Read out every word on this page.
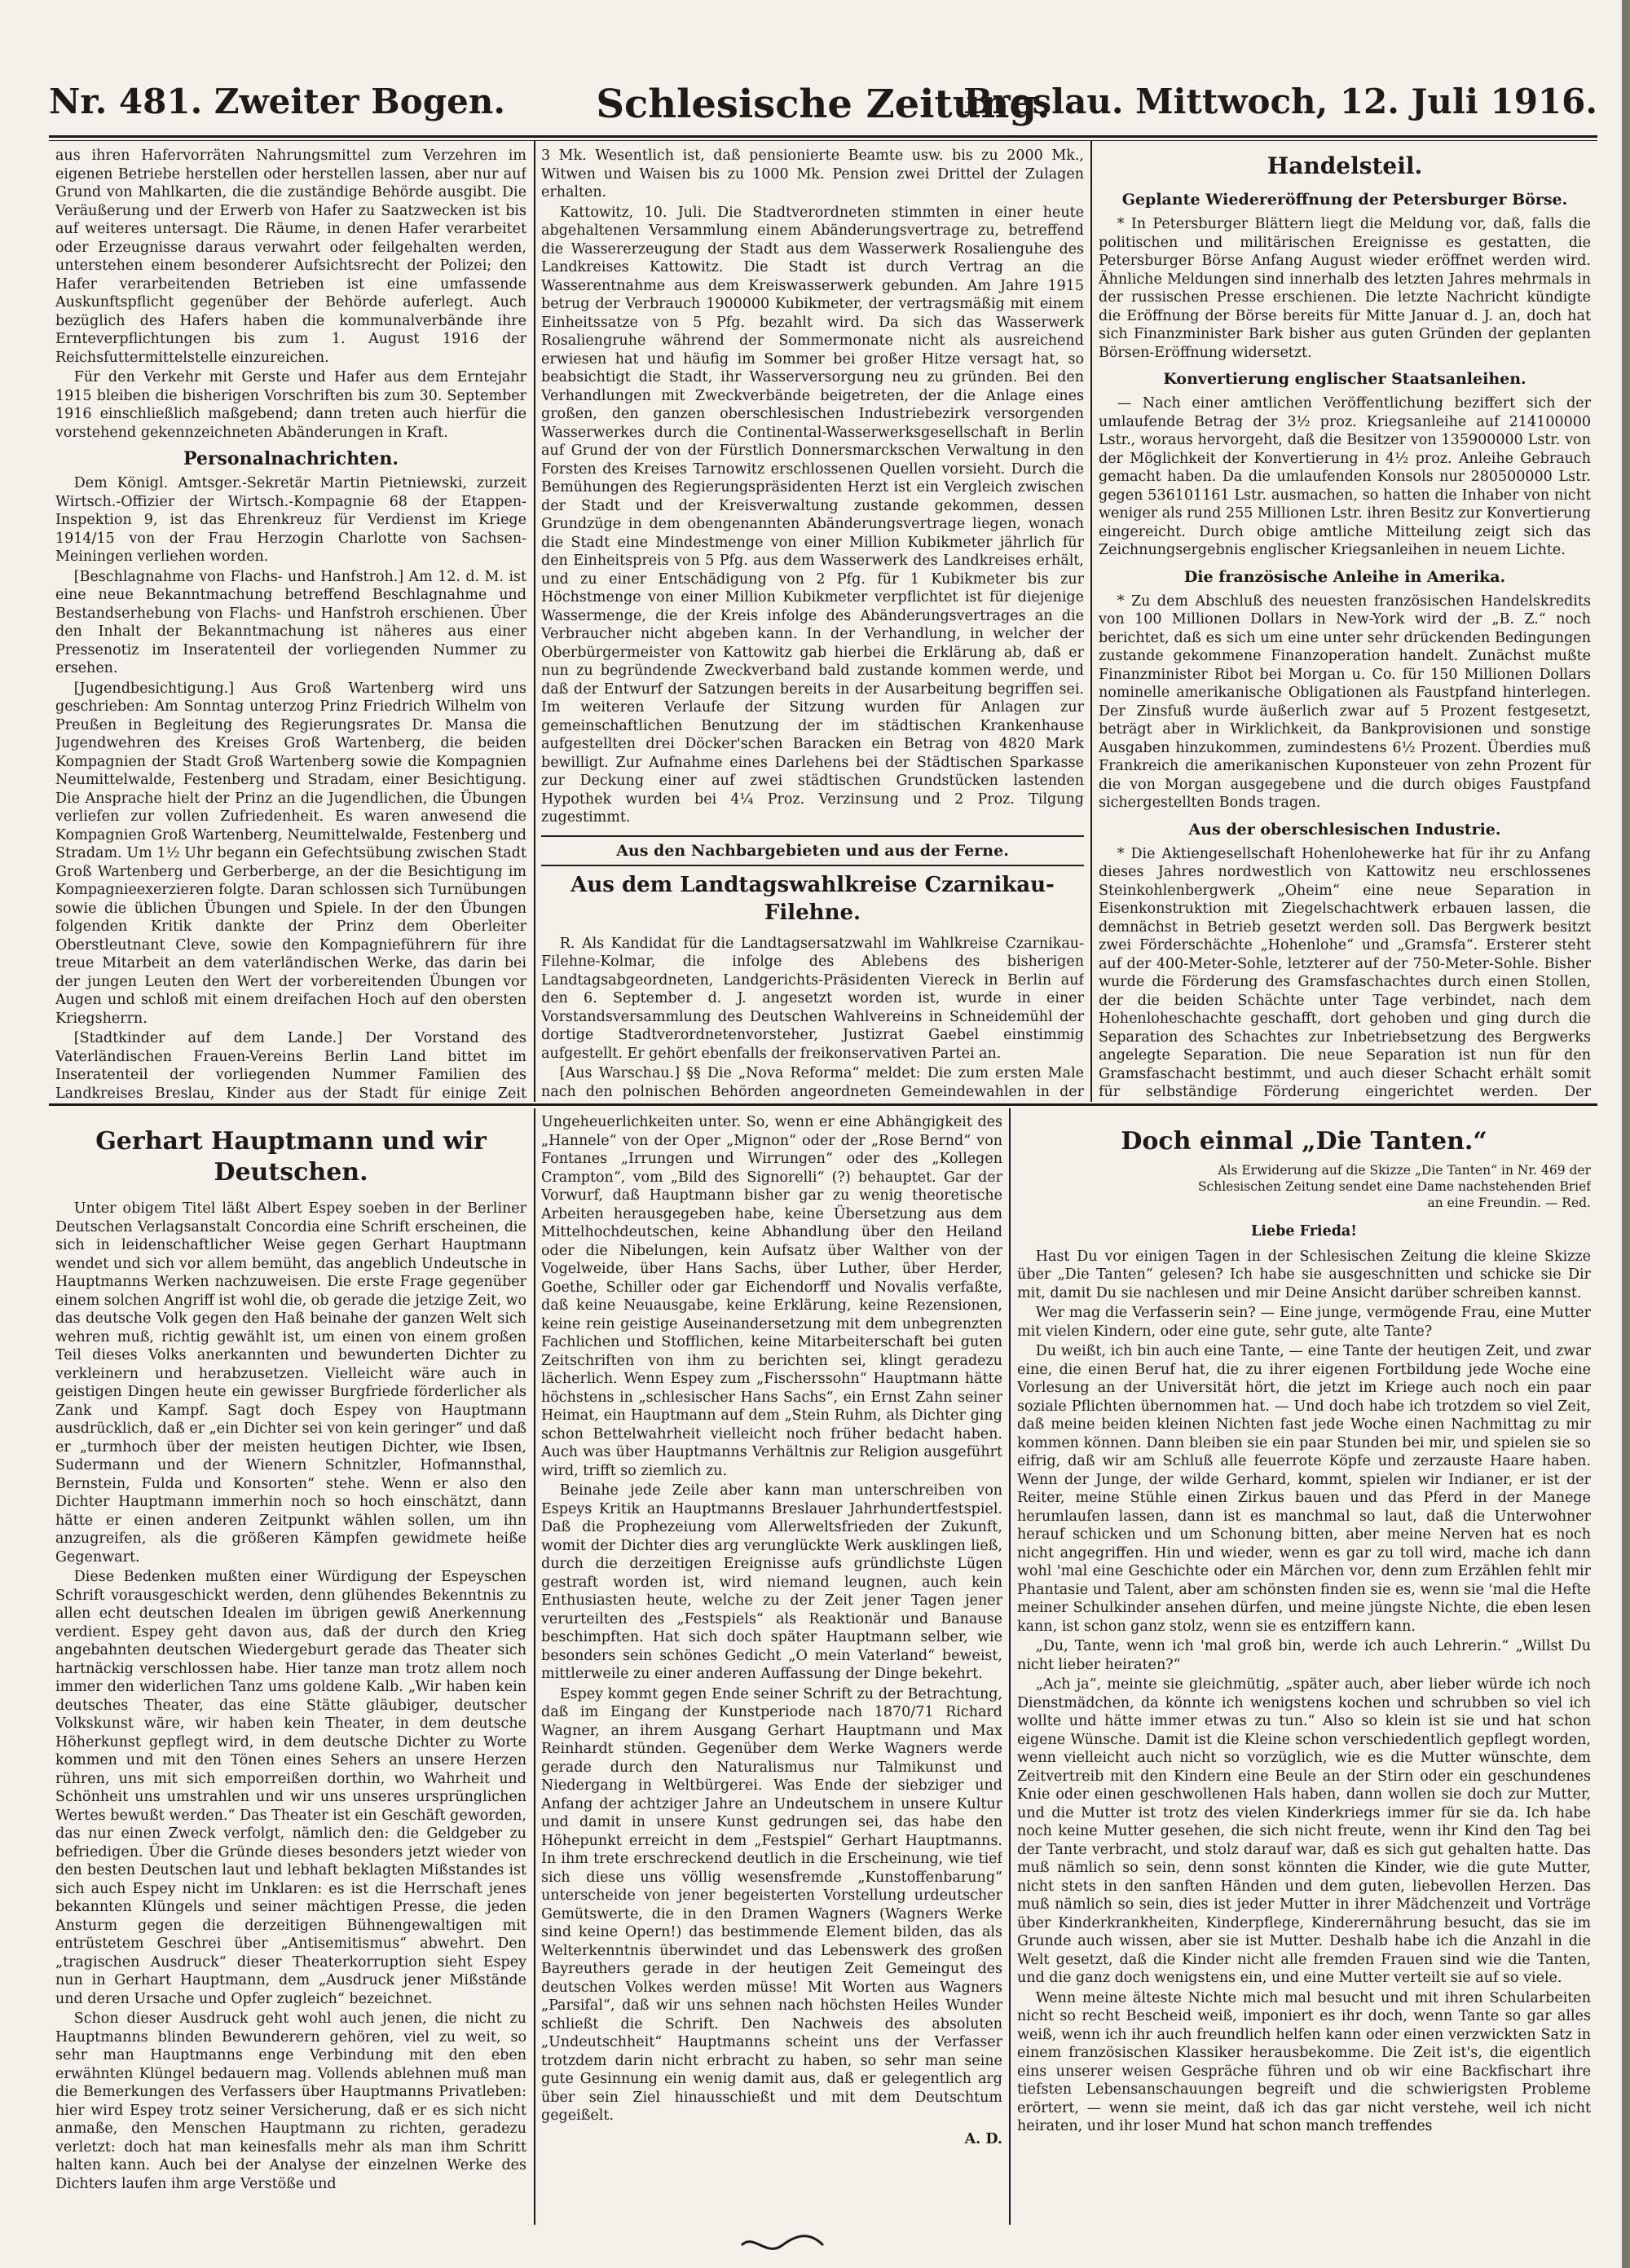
Nr. 481. Zweiter Bogen.	Schlesische Zeitung.
Breslau. Mittwoch, 12. Juli 1916.

aus ihren Hafervorräten Nahrungsmittel zum Verzehren im eigenen Betriebe herstellen oder herstellen lassen, aber nur auf Grund von Mahlkarten, die die zuständige Behörde ausgibt. Die Veräußerung und der Erwerb von Hafer zu Saatzwecken ist bis auf weiteres untersagt. Die Räume, in denen Hafer verarbeitet oder Erzeugnisse daraus verwahrt oder feilgehalten werden, unterstehen einem besonderer Aufsichtsrecht der Polizei; den Hafer verarbeitenden Betrieben ist eine umfassende Auskunftspflicht gegenüber der Behörde auferlegt. Auch bezüglich des Hafers haben die kommunalverbände ihre Ernteverpflichtungen bis zum 1. August 1916 der Reichsfuttermittelstelle einzureichen.

Für den Verkehr mit Gerste und Hafer aus dem Erntejahr 1915 bleiben die bisherigen Vorschriften bis zum 30. September 1916 einschließlich maßgebend; dann treten auch hierfür die vorstehend gekennzeichneten Abänderungen in Kraft.

Personalnachrichten.

Dem Königl. Amtsger.-Sekretär Martin Pietniewski, zurzeit Wirtsch.-Offizier der Wirtsch.-Kompagnie 68 der Etappen-Inspektion 9, ist das Ehrenkreuz für Verdienst im Kriege 1914/15 von der Frau Herzogin Charlotte von Sachsen-Meiningen verliehen worden.

[Beschlagnahme von Flachs- und Hanfstroh.] Am 12. d. M. ist eine neue Bekanntmachung betreffend Beschlagnahme und Bestandserhebung von Flachs- und Hanfstroh erschienen. Über den Inhalt der Bekanntmachung ist näheres aus einer Pressenotiz im Inseratenteil der vorliegenden Nummer zu ersehen.

[Jugendbesichtigung.] Aus Groß Wartenberg wird uns geschrieben: Am Sonntag unterzog Prinz Friedrich Wilhelm von Preußen in Begleitung des Regierungsrates Dr. Mansa die Jugendwehren des Kreises Groß Wartenberg, die beiden Kompagnien der Stadt Groß Wartenberg sowie die Kompagnien Neumittelwalde, Festenberg und Stradam, einer Besichtigung. Die Ansprache hielt der Prinz an die Jugendlichen, die Übungen verliefen zur vollen Zufriedenheit. Es waren anwesend die Kompagnien Groß Wartenberg, Neumittelwalde, Festenberg und Stradam. Um 1½ Uhr begann ein Gefechtsübung zwischen Stadt Groß Wartenberg und Gerberberge, an der die Besichtigung im Kompagnieexerzieren folgte. Daran schlossen sich Turnübungen sowie die üblichen Übungen und Spiele. In der den Übungen folgenden Kritik dankte der Prinz dem Oberleiter Oberstleutnant Cleve, sowie den Kompagnieführern für ihre treue Mitarbeit an dem vaterländischen Werke, das darin bei der jungen Leuten den Wert der vorbereitenden Übungen vor Augen und schloß mit einem dreifachen Hoch auf den obersten Kriegsherrn.

[Stadtkinder auf dem Lande.] Der Vorstand des Vaterländischen Frauen-Vereins Berlin Land bittet im Inseratenteil der vorliegenden Nummer Familien des Landkreises Breslau, Kinder aus der Stadt für einige Zeit

3 Mk. Wesentlich ist, daß pensionierte Beamte usw. bis zu 2000 Mk., Witwen und Waisen bis zu 1000 Mk. Pension zwei Drittel der Zulagen erhalten.

Kattowitz, 10. Juli. Die Stadtverordneten stimmten in einer heute abgehaltenen Versammlung einem Abänderungsvertrage zu, betreffend die Wassererzeugung der Stadt aus dem Wasserwerk Rosalienguhe des Landkreises Kattowitz. Die Stadt ist durch Vertrag an die Wasserentnahme aus dem Kreiswasserwerk gebunden. Am Jahre 1915 betrug der Verbrauch 1900000 Kubikmeter, der vertragsmäßig mit einem Einheitssatze von 5 Pfg. bezahlt wird. Da sich das Wasserwerk Rosaliengruhe während der Sommermonate nicht als ausreichend erwiesen hat und häufig im Sommer bei großer Hitze versagt hat, so beabsichtigt die Stadt, ihr Wasserversorgung neu zu gründen. Bei den Verhandlungen mit Zweckverbände beigetreten, der die Anlage eines großen, den ganzen oberschlesischen Industriebezirk versorgenden Wasserwerkes durch die Continental-Wasserwerksgesellschaft in Berlin auf Grund der von der Fürstlich Donnersmarckschen Verwaltung in den Forsten des Kreises Tarnowitz erschlossenen Quellen vorsieht. Durch die Bemühungen des Regierungspräsidenten Herzt ist ein Vergleich zwischen der Stadt und der Kreisverwaltung zustande gekommen, dessen Grundzüge in dem obengenannten Abänderungsvertrage liegen, wonach die Stadt eine Mindestmenge von einer Million Kubikmeter jährlich für den Einheitspreis von 5 Pfg. aus dem Wasserwerk des Landkreises erhält, und zu einer Entschädigung von 2 Pfg. für 1 Kubikmeter bis zur Höchstmenge von einer Million Kubikmeter verpflichtet ist für diejenige Wassermenge, die der Kreis infolge des Abänderungsvertrages an die Verbraucher nicht abgeben kann. In der Verhandlung, in welcher der Oberbürgermeister von Kattowitz gab hierbei die Erklärung ab, daß er nun zu begründende Zweckverband bald zustande kommen werde, und daß der Entwurf der Satzungen bereits in der Ausarbeitung begriffen sei. Im weiteren Verlaufe der Sitzung wurden für Anlagen zur gemeinschaftlichen Benutzung der im städtischen Krankenhause aufgestellten drei Döcker'schen Baracken ein Betrag von 4820 Mark bewilligt. Zur Aufnahme eines Darlehens bei der Städtischen Sparkasse zur Deckung einer auf zwei städtischen Grundstücken lastenden Hypothek wurden bei 4¼ Proz. Verzinsung und 2 Proz. Tilgung zugestimmt.

Aus den Nachbargebieten und aus der Ferne.
Aus dem Landtagswahlkreise Czarnikau-Filehne.

R. Als Kandidat für die Landtagsersatzwahl im Wahlkreise Czarnikau-Filehne-Kolmar, die infolge des Ablebens des bisherigen Landtagsabgeordneten, Landgerichts-Präsidenten Viereck in Berlin auf den 6. September d. J. angesetzt worden ist, wurde in einer Vorstandsversammlung des Deutschen Wahlvereins in Schneidemühl der dortige Stadtverordnetenvorsteher, Justizrat Gaebel einstimmig aufgestellt. Er gehört ebenfalls der freikonservativen Partei an.

[Aus Warschau.] §§ Die „Nova Reforma“ meldet: Die zum ersten Male nach den polnischen Behörden angeordneten Gemeindewahlen in der

Handelsteil.
Geplante Wiedereröffnung der Petersburger Börse.

* In Petersburger Blättern liegt die Meldung vor, daß, falls die politischen und militärischen Ereignisse es gestatten, die Petersburger Börse Anfang August wieder eröffnet werden wird. Ähnliche Meldungen sind innerhalb des letzten Jahres mehrmals in der russischen Presse erschienen. Die letzte Nachricht kündigte die Eröffnung der Börse bereits für Mitte Januar d. J. an, doch hat sich Finanzminister Bark bisher aus guten Gründen der geplanten Börsen-Eröffnung widersetzt.

Konvertierung englischer Staatsanleihen.

— Nach einer amtlichen Veröffentlichung beziffert sich der umlaufende Betrag der 3½ proz. Kriegsanleihe auf 214100000 Lstr., woraus hervorgeht, daß die Besitzer von 135900000 Lstr. von der Möglichkeit der Konvertierung in 4½ proz. Anleihe Gebrauch gemacht haben. Da die umlaufenden Konsols nur 280500000 Lstr. gegen 536101161 Lstr. ausmachen, so hatten die Inhaber von nicht weniger als rund 255 Millionen Lstr. ihren Besitz zur Konvertierung eingereicht. Durch obige amtliche Mitteilung zeigt sich das Zeichnungsergebnis englischer Kriegsanleihen in neuem Lichte.

Die französische Anleihe in Amerika.

* Zu dem Abschluß des neuesten französischen Handelskredits von 100 Millionen Dollars in New-York wird der „B. Z.“ noch berichtet, daß es sich um eine unter sehr drückenden Bedingungen zustande gekommene Finanzoperation handelt. Zunächst mußte Finanzminister Ribot bei Morgan u. Co. für 150 Millionen Dollars nominelle amerikanische Obligationen als Faustpfand hinterlegen. Der Zinsfuß wurde äußerlich zwar auf 5 Prozent festgesetzt, beträgt aber in Wirklichkeit, da Bankprovisionen und sonstige Ausgaben hinzukommen, zumindestens 6½ Prozent. Überdies muß Frankreich die amerikanischen Kuponsteuer von zehn Prozent für die von Morgan ausgegebene und die durch obiges Faustpfand sichergestellten Bonds tragen.

Aus der oberschlesischen Industrie.

* Die Aktiengesellschaft Hohenlohewerke hat für ihr zu Anfang dieses Jahres nordwestlich von Kattowitz neu erschlossenes Steinkohlenbergwerk „Oheim“ eine neue Separation in Eisenkonstruktion mit Ziegelschachtwerk erbauen lassen, die demnächst in Betrieb gesetzt werden soll. Das Bergwerk besitzt zwei Förderschächte „Hohenlohe“ und „Gramsfa“. Ersterer steht auf der 400-Meter-Sohle, letzterer auf der 750-Meter-Sohle. Bisher wurde die Förderung des Gramsfaschachtes durch einen Stollen, der die beiden Schächte unter Tage verbindet, nach dem Hohenloheschachte geschafft, dort gehoben und ging durch die Separation des Schachtes zur Inbetriebsetzung des Bergwerks angelegte Separation. Die neue Separation ist nun für den Gramsfaschacht bestimmt, und auch dieser Schacht erhält somit für selbständige Förderung eingerichtet werden. Der

Gerhart Hauptmann und wir Deutschen.

Unter obigem Titel läßt Albert Espey soeben in der Berliner Deutschen Verlagsanstalt Concordia eine Schrift erscheinen, die sich in leidenschaftlicher Weise gegen Gerhart Hauptmann wendet und sich vor allem bemüht, das angeblich Undeutsche in Hauptmanns Werken nachzuweisen. Die erste Frage gegenüber einem solchen Angriff ist wohl die, ob gerade die jetzige Zeit, wo das deutsche Volk gegen den Haß beinahe der ganzen Welt sich wehren muß, richtig gewählt ist, um einen von einem großen Teil dieses Volks anerkannten und bewunderten Dichter zu verkleinern und herabzusetzen. Vielleicht wäre auch in geistigen Dingen heute ein gewisser Burgfriede förderlicher als Zank und Kampf. Sagt doch Espey von Hauptmann ausdrücklich, daß er „ein Dichter sei von kein geringer“ und daß er „turmhoch über der meisten heutigen Dichter, wie Ibsen, Sudermann und der Wienern Schnitzler, Hofmannsthal, Bernstein, Fulda und Konsorten“ stehe. Wenn er also den Dichter Hauptmann immerhin noch so hoch einschätzt, dann hätte er einen anderen Zeitpunkt wählen sollen, um ihn anzugreifen, als die größeren Kämpfen gewidmete heiße Gegenwart.

Diese Bedenken mußten einer Würdigung der Espeyschen Schrift vorausgeschickt werden, denn glühendes Bekenntnis zu allen echt deutschen Idealen im übrigen gewiß Anerkennung verdient. Espey geht davon aus, daß der durch den Krieg angebahnten deutschen Wiedergeburt gerade das Theater sich hartnäckig verschlossen habe. Hier tanze man trotz allem noch immer den widerlichen Tanz ums goldene Kalb. „Wir haben kein deutsches Theater, das eine Stätte gläubiger, deutscher Volkskunst wäre, wir haben kein Theater, in dem deutsche Höherkunst gepflegt wird, in dem deutsche Dichter zu Worte kommen und mit den Tönen eines Sehers an unsere Herzen rühren, uns mit sich emporreißen dorthin, wo Wahrheit und Schönheit uns umstrahlen und wir uns unseres ursprünglichen Wertes bewußt werden.“ Das Theater ist ein Geschäft geworden, das nur einen Zweck verfolgt, nämlich den: die Geldgeber zu befriedigen. Über die Gründe dieses besonders jetzt wieder von den besten Deutschen laut und lebhaft beklagten Mißstandes ist sich auch Espey nicht im Unklaren: es ist die Herrschaft jenes bekannten Klüngels und seiner mächtigen Presse, die jeden Ansturm gegen die derzeitigen Bühnengewaltigen mit entrüstetem Geschrei über „Antisemitismus“ abwehrt. Den „tragischen Ausdruck“ dieser Theaterkorruption sieht Espey nun in Gerhart Hauptmann, dem „Ausdruck jener Mißstände und deren Ursache und Opfer zugleich“ bezeichnet.

Schon dieser Ausdruck geht wohl auch jenen, die nicht zu Hauptmanns blinden Bewunderern gehören, viel zu weit, so sehr man Hauptmanns enge Verbindung mit den eben erwähnten Klüngel bedauern mag. Vollends ablehnen muß man die Bemerkungen des Verfassers über Hauptmanns Privatleben: hier wird Espey trotz seiner Versicherung, daß er es sich nicht anmaße, den Menschen Hauptmann zu richten, geradezu verletzt: doch hat man keinesfalls mehr als man ihm Schritt halten kann. Auch bei der Analyse der einzelnen Werke des Dichters laufen ihm arge Verstöße und

Ungeheuerlichkeiten unter. So, wenn er eine Abhängigkeit des „Hannele“ von der Oper „Mignon“ oder der „Rose Bernd“ von Fontanes „Irrungen und Wirrungen“ oder des „Kollegen Crampton“, vom „Bild des Signorelli“ (?) behauptet. Gar der Vorwurf, daß Hauptmann bisher gar zu wenig theoretische Arbeiten herausgegeben habe, keine Übersetzung aus dem Mittelhochdeutschen, keine Abhandlung über den Heiland oder die Nibelungen, kein Aufsatz über Walther von der Vogelweide, über Hans Sachs, über Luther, über Herder, Goethe, Schiller oder gar Eichendorff und Novalis verfaßte, daß keine Neuausgabe, keine Erklärung, keine Rezensionen, keine rein geistige Auseinandersetzung mit dem unbegrenzten Fachlichen und Stofflichen, keine Mitarbeiterschaft bei guten Zeitschriften von ihm zu berichten sei, klingt geradezu lächerlich. Wenn Espey zum „Fischerssohn“ Hauptmann hätte höchstens in „schlesischer Hans Sachs“, ein Ernst Zahn seiner Heimat, ein Hauptmann auf dem „Stein Ruhm, als Dichter ging schon Bettelwahrheit vielleicht noch früher bedacht haben. Auch was über Hauptmanns Verhältnis zur Religion ausgeführt wird, trifft so ziemlich zu.

Beinahe jede Zeile aber kann man unterschreiben von Espeys Kritik an Hauptmanns Breslauer Jahrhundertfestspiel. Daß die Prophezeiung vom Allerweltsfrieden der Zukunft, womit der Dichter dies arg verunglückte Werk ausklingen ließ, durch die derzeitigen Ereignisse aufs gründlichste Lügen gestraft worden ist, wird niemand leugnen, auch kein Enthusiasten heute, welche zu der Zeit jener Tagen jener verurteilten des „Festspiels“ als Reaktionär und Banause beschimpften. Hat sich doch später Hauptmann selber, wie besonders sein schönes Gedicht „O mein Vaterland“ beweist, mittlerweile zu einer anderen Auffassung der Dinge bekehrt.

Espey kommt gegen Ende seiner Schrift zu der Betrachtung, daß im Eingang der Kunstperiode nach 1870/71 Richard Wagner, an ihrem Ausgang Gerhart Hauptmann und Max Reinhardt stünden. Gegenüber dem Werke Wagners werde gerade durch den Naturalismus nur Talmikunst und Niedergang in Weltbürgerei. Was Ende der siebziger und Anfang der achtziger Jahre an Undeutschem in unsere Kultur und damit in unsere Kunst gedrungen sei, das habe den Höhepunkt erreicht in dem „Festspiel“ Gerhart Hauptmanns. In ihm trete erschreckend deutlich in die Erscheinung, wie tief sich diese uns völlig wesensfremde „Kunstoffenbarung“ unterscheide von jener begeisterten Vorstellung urdeutscher Gemütswerte, die in den Dramen Wagners (Wagners Werke sind keine Opern!) das bestimmende Element bilden, das als Welterkenntnis überwindet und das Lebenswerk des großen Bayreuthers gerade in der heutigen Zeit Gemeingut des deutschen Volkes werden müsse! Mit Worten aus Wagners „Parsifal“, daß wir uns sehnen nach höchsten Heiles Wunder schließt die Schrift. Den Nachweis des absoluten „Undeutschheit“ Hauptmanns scheint uns der Verfasser trotzdem darin nicht erbracht zu haben, so sehr man seine gute Gesinnung ein wenig damit aus, daß er gelegentlich arg über sein Ziel hinausschießt und mit dem Deutschtum gegeißelt.

A. D.
Doch einmal „Die Tanten.“
Als Erwiderung auf die Skizze „Die Tanten“ in Nr. 469 der Schlesischen Zeitung sendet eine Dame nachstehenden Brief an eine Freundin. — Red.
Liebe Frieda!

Hast Du vor einigen Tagen in der Schlesischen Zeitung die kleine Skizze über „Die Tanten“ gelesen? Ich habe sie ausgeschnitten und schicke sie Dir mit, damit Du sie nachlesen und mir Deine Ansicht darüber schreiben kannst.

Wer mag die Verfasserin sein? — Eine junge, vermögende Frau, eine Mutter mit vielen Kindern, oder eine gute, sehr gute, alte Tante?

Du weißt, ich bin auch eine Tante, — eine Tante der heutigen Zeit, und zwar eine, die einen Beruf hat, die zu ihrer eigenen Fortbildung jede Woche eine Vorlesung an der Universität hört, die jetzt im Kriege auch noch ein paar soziale Pflichten übernommen hat. — Und doch habe ich trotzdem so viel Zeit, daß meine beiden kleinen Nichten fast jede Woche einen Nachmittag zu mir kommen können. Dann bleiben sie ein paar Stunden bei mir, und spielen sie so eifrig, daß wir am Schluß alle feuerrote Köpfe und zerzauste Haare haben. Wenn der Junge, der wilde Gerhard, kommt, spielen wir Indianer, er ist der Reiter, meine Stühle einen Zirkus bauen und das Pferd in der Manege herumlaufen lassen, dann ist es manchmal so laut, daß die Unterwohner herauf schicken und um Schonung bitten, aber meine Nerven hat es noch nicht angegriffen. Hin und wieder, wenn es gar zu toll wird, mache ich dann wohl 'mal eine Geschichte oder ein Märchen vor, denn zum Erzählen fehlt mir Phantasie und Talent, aber am schönsten finden sie es, wenn sie 'mal die Hefte meiner Schulkinder ansehen dürfen, und meine jüngste Nichte, die eben lesen kann, ist schon ganz stolz, wenn sie es entziffern kann.

„Du, Tante, wenn ich 'mal groß bin, werde ich auch Lehrerin.“ „Willst Du nicht lieber heiraten?“

„Ach ja“, meinte sie gleichmütig, „später auch, aber lieber würde ich noch Dienstmädchen, da könnte ich wenigstens kochen und schrubben so viel ich wollte und hätte immer etwas zu tun.“ Also so klein ist sie und hat schon eigene Wünsche. Damit ist die Kleine schon verschiedentlich gepflegt worden, wenn vielleicht auch nicht so vorzüglich, wie es die Mutter wünschte, dem Zeitvertreib mit den Kindern eine Beule an der Stirn oder ein geschundenes Knie oder einen geschwollenen Hals haben, dann wollen sie doch zur Mutter, und die Mutter ist trotz des vielen Kinderkriegs immer für sie da. Ich habe noch keine Mutter gesehen, die sich nicht freute, wenn ihr Kind den Tag bei der Tante verbracht, und stolz darauf war, daß es sich gut gehalten hatte. Das muß nämlich so sein, denn sonst könnten die Kinder, wie die gute Mutter, nicht stets in den sanften Händen und dem guten, liebevollen Herzen. Das muß nämlich so sein, dies ist jeder Mutter in ihrer Mädchenzeit und Vorträge über Kinderkrankheiten, Kinderpflege, Kinderernährung besucht, das sie im Grunde auch wissen, aber sie ist Mutter. Deshalb habe ich die Anzahl in die Welt gesetzt, daß die Kinder nicht alle fremden Frauen sind wie die Tanten, und die ganz doch wenigstens ein, und eine Mutter verteilt sie auf so viele.

Wenn meine älteste Nichte mich mal besucht und mit ihren Schularbeiten nicht so recht Bescheid weiß, imponiert es ihr doch, wenn Tante so gar alles weiß, wenn ich ihr auch freundlich helfen kann oder einen verzwickten Satz in einem französischen Klassiker herausbekomme. Die Zeit ist's, die eigentlich eins unserer weisen Gespräche führen und ob wir eine Backfischart ihre tiefsten Lebensanschauungen begreift und die schwierigsten Probleme erörtert, — wenn sie meint, daß ich das gar nicht verstehe, weil ich nicht heiraten, und ihr loser Mund hat schon manch treffendes
